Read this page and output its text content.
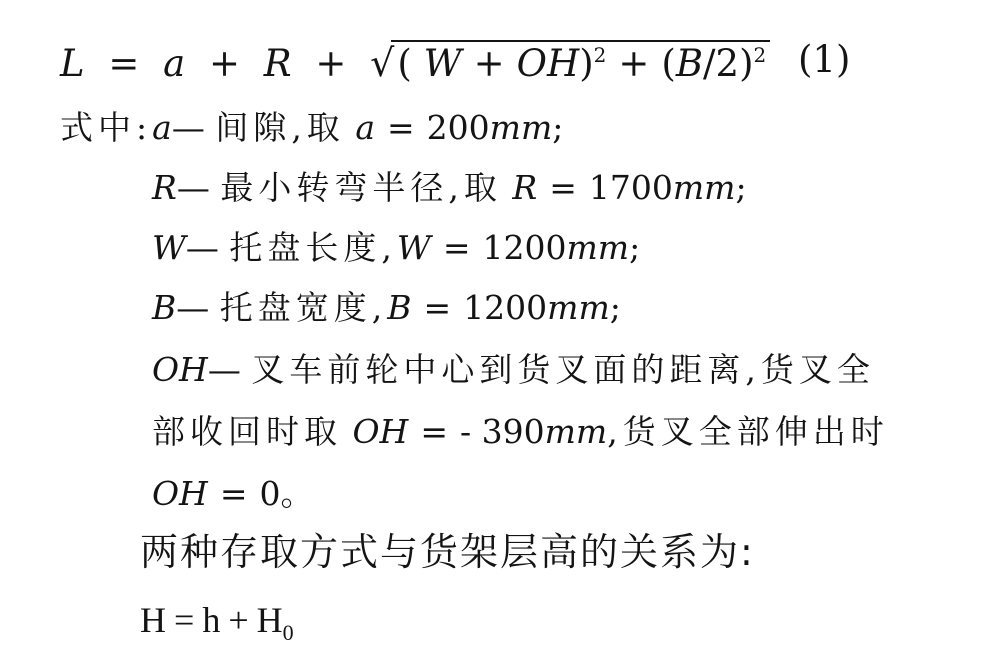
L = a + R + √( $W + OH)^2 + (B/2)^2$ (1)
式中:a— 间隙,取 a = 200mm;
R— 最小转弯半径,取 R = 1700mm;
W— 托盘长度,W = 1200mm;
B— 托盘宽度,B = 1200mm;
OH— 叉车前轮中心到货叉面的距离,货叉全
部收回时取 OH = - 390mm,货叉全部伸出时
OH = 0。
两种存取方式与货架层高的关系为:
$H = h + H_0$
